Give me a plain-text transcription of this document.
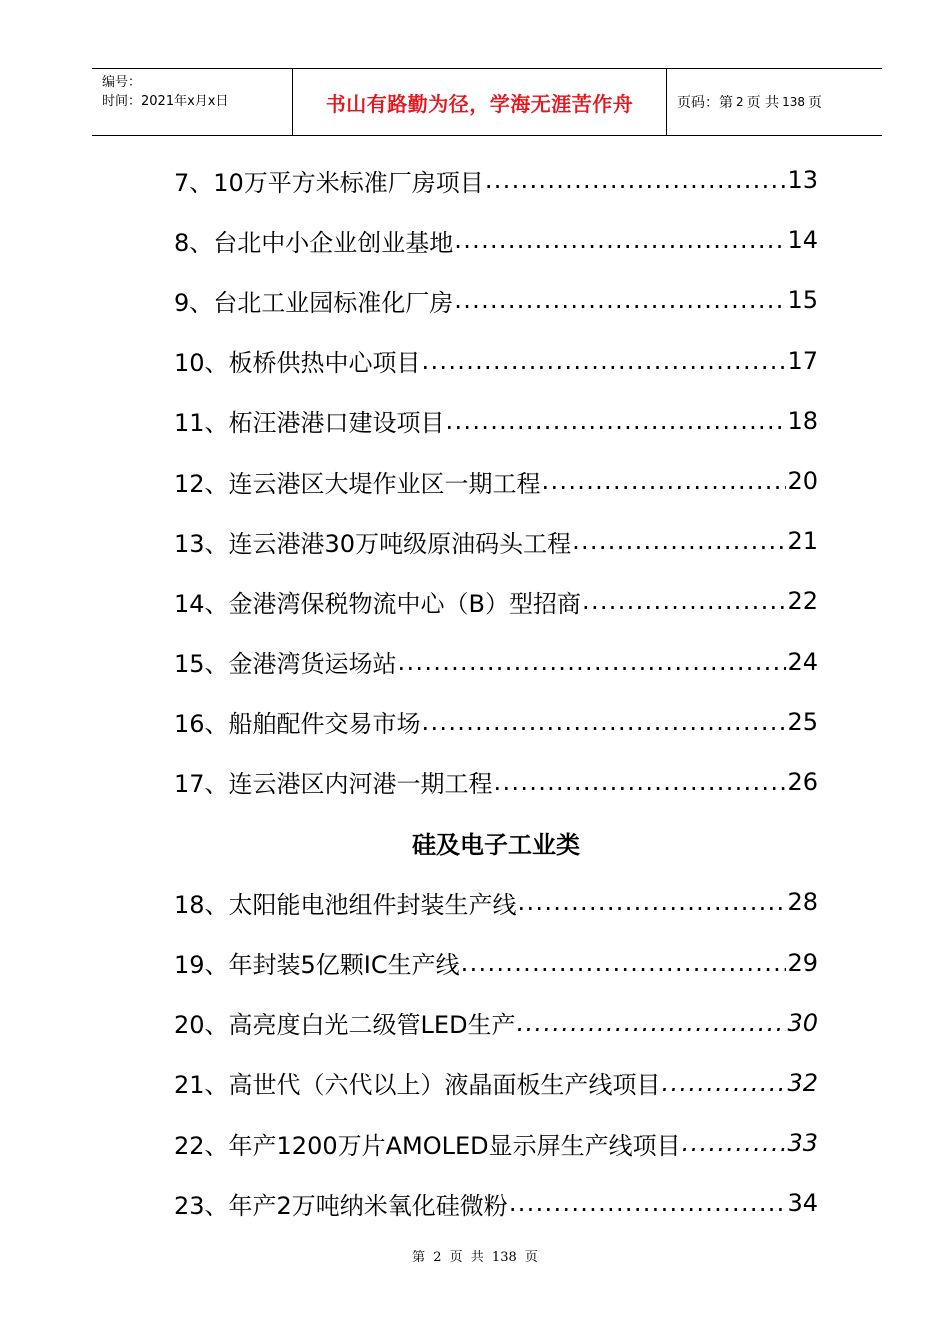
编号：
时间：2021年x月x日	书山有路勤为径，学海无涯苦作舟	页码：第 2 页 共 138 页
7、10万平方米标准厂房项目 .....	13
8、台北中小企业创业基地 .....	14
9、台北工业园标准化厂房 .....	15
10、板桥供热中心项目 .....	17
11、柘汪港港口建设项目 .....	18
12、连云港区大堤作业区一期工程 .....	20
13、连云港港30万吨级原油码头工程 .....	21
14、金港湾保税物流中心（B）型招商 .....	22
15、金港湾货运场站 .....	24
16、船舶配件交易市场 .....	25
17、连云港区内河港一期工程 .....	26
硅及电子工业类
18、太阳能电池组件封装生产线 .....	28
19、年封装5亿颗IC生产线 .....	29
20、高亮度白光二级管LED生产 .....	30
21、高世代（六代以上）液晶面板生产线项目 .....	32
22、年产1200万片AMOLED显示屏生产线项目 .....	33
23、年产2万吨纳米氧化硅微粉 .....	34
第 2 页 共 138 页
